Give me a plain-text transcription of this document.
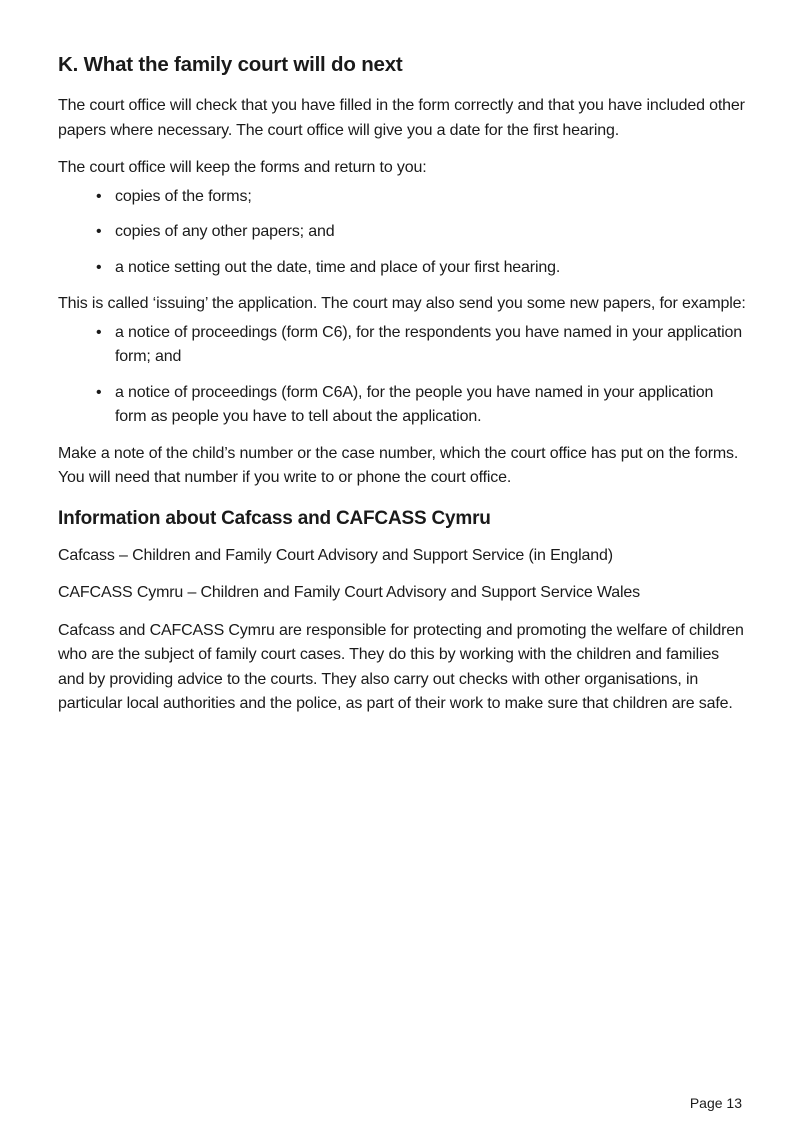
K. What the family court will do next

The court office will check that you have filled in the form correctly and that you have included other papers where necessary. The court office will give you a date for the first hearing.

The court office will keep the forms and return to you:

• copies of the forms;
• copies of any other papers; and
• a notice setting out the date, time and place of your first hearing.

This is called ‘issuing’ the application. The court may also send you some new papers, for example:

• a notice of proceedings (form C6), for the respondents you have named in your application form; and
• a notice of proceedings (form C6A), for the people you have named in your application form as people you have to tell about the application.

Make a note of the child’s number or the case number, which the court office has put on the forms. You will need that number if you write to or phone the court office.

Information about Cafcass and CAFCASS Cymru

Cafcass – Children and Family Court Advisory and Support Service (in England)

CAFCASS Cymru – Children and Family Court Advisory and Support Service Wales

Cafcass and CAFCASS Cymru are responsible for protecting and promoting the welfare of children who are the subject of family court cases. They do this by working with the children and families and by providing advice to the courts. They also carry out checks with other organisations, in particular local authorities and the police, as part of their work to make sure that children are safe.

Page 13
